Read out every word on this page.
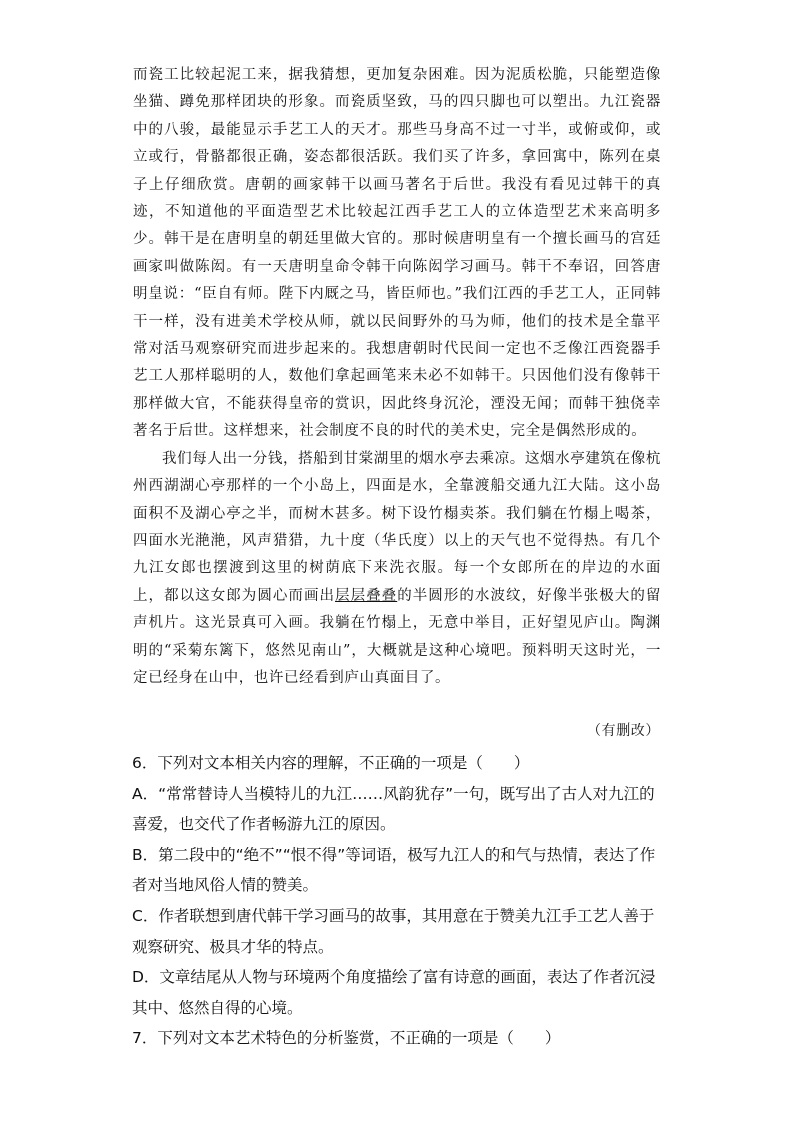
而瓷工比较起泥工来，据我猜想，更加复杂困难。因为泥质松脆，只能塑造像坐猫、蹲免那样团块的形象。而瓷质坚致，马的四只脚也可以塑出。九江瓷器中的八骏，最能显示手艺工人的天才。那些马身高不过一寸半，或俯或仰，或立或行，骨骼都很正确，姿态都很活跃。我们买了许多，拿回寓中，陈列在桌子上仔细欣赏。唐朝的画家韩干以画马著名于后世。我没有看见过韩干的真迹，不知道他的平面造型艺术比较起江西手艺工人的立体造型艺术来高明多少。韩干是在唐明皇的朝廷里做大官的。那时候唐明皇有一个擅长画马的宫廷画家叫做陈闳。有一天唐明皇命令韩干向陈闳学习画马。韩干不奉诏，回答唐明皇说：“臣自有师。陛下内厩之马，皆臣师也。”我们江西的手艺工人，正同韩干一样，没有进美术学校从师，就以民间野外的马为师，他们的技术是全靠平常对活马观察研究而进步起来的。我想唐朝时代民间一定也不乏像江西瓷器手艺工人那样聪明的人，数他们拿起画笔来未必不如韩干。只因他们没有像韩干那样做大官，不能获得皇帝的赏识，因此终身沉沦，湮没无闻；而韩干独侥幸著名于后世。这样想来，社会制度不良的时代的美术史，完全是偶然形成的。

我们每人出一分钱，搭船到甘棠湖里的烟水亭去乘凉。这烟水亭建筑在像杭州西湖湖心亭那样的一个小岛上，四面是水，全靠渡船交通九江大陆。这小岛面积不及湖心亭之半，而树木甚多。树下设竹榻卖茶。我们躺在竹榻上喝茶，四面水光滟滟，风声猎猎，九十度（华氏度）以上的天气也不觉得热。有几个九江女郎也摆渡到这里的树荫底下来洗衣服。每一个女郎所在的岸边的水面上，都以这女郎为圆心而画出层层叠叠的半圆形的水波纹，好像半张极大的留声机片。这光景真可入画。我躺在竹榻上，无意中举目，正好望见庐山。陶渊明的“采菊东篱下，悠然见南山”，大概就是这种心境吧。预料明天这时光，一定已经身在山中，也许已经看到庐山真面目了。

（有删改）
6．下列对文本相关内容的理解，不正确的一项是（　　）
A．“常常替诗人当模特儿的九江……风韵犹存”一句，既写出了古人对九江的喜爱，也交代了作者畅游九江的原因。
B．第二段中的“绝不”“恨不得”等词语，极写九江人的和气与热情，表达了作者对当地风俗人情的赞美。
C．作者联想到唐代韩干学习画马的故事，其用意在于赞美九江手工艺人善于观察研究、极具才华的特点。
D．文章结尾从人物与环境两个角度描绘了富有诗意的画面，表达了作者沉浸其中、悠然自得的心境。
7．下列对文本艺术特色的分析鉴赏，不正确的一项是（　　）
